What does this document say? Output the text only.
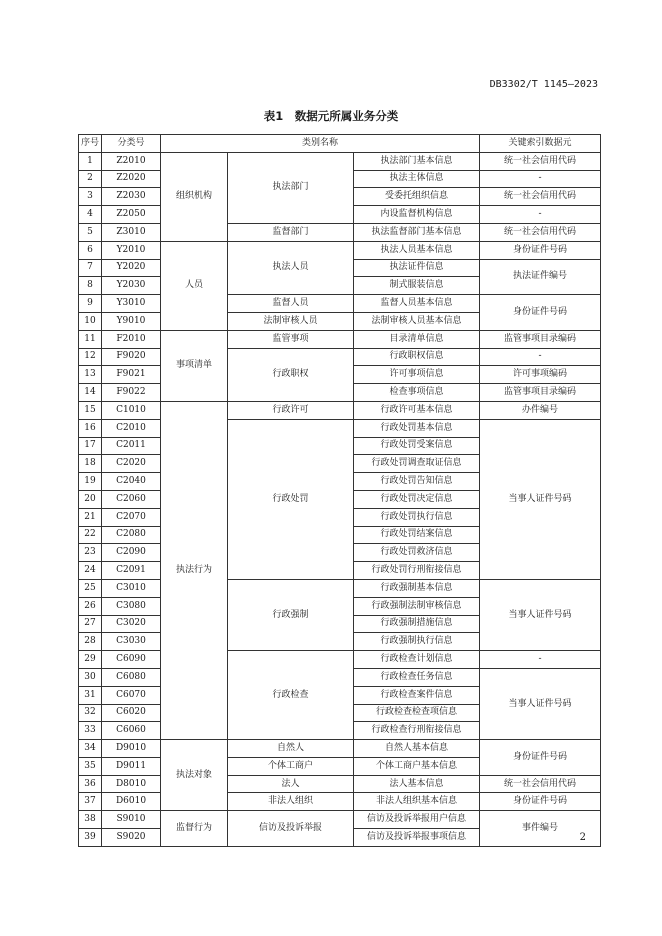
DB3302/T 1145—2023
表1　数据元所属业务分类
序号	分类号	类别名称			关键索引数据元
1	Z2010	组织机构	执法部门	执法部门基本信息	统一社会信用代码
2	Z2020			执法主体信息	-
3	Z2030			受委托组织信息	统一社会信用代码
4	Z2050			内设监督机构信息	-
5	Z3010		监督部门	执法监督部门基本信息	统一社会信用代码
6	Y2010	人员	执法人员	执法人员基本信息	身份证件号码
7	Y2020			执法证件信息	执法证件编号
8	Y2030			制式服装信息	
9	Y3010		监督人员	监督人员基本信息	身份证件号码
10	Y9010		法制审核人员	法制审核人员基本信息	
11	F2010	事项清单	监管事项	目录清单信息	监管事项目录编码
12	F9020		行政职权	行政职权信息	-
13	F9021			许可事项信息	许可事项编码
14	F9022			检查事项信息	监管事项目录编码
15	C1010	执法行为	行政许可	行政许可基本信息	办件编号
16	C2010		行政处罚	行政处罚基本信息	当事人证件号码
17	C2011			行政处罚受案信息	
18	C2020			行政处罚调查取证信息	
19	C2040			行政处罚告知信息	
20	C2060			行政处罚决定信息	
21	C2070			行政处罚执行信息	
22	C2080			行政处罚结案信息	
23	C2090			行政处罚救济信息	
24	C2091			行政处罚行刑衔接信息	
25	C3010		行政强制	行政强制基本信息	当事人证件号码
26	C3080			行政强制法制审核信息	
27	C3020			行政强制措施信息	
28	C3030			行政强制执行信息	
29	C6090		行政检查	行政检查计划信息	-
30	C6080			行政检查任务信息	当事人证件号码
31	C6070			行政检查案件信息	
32	C6020			行政检查检查项信息	
33	C6060			行政检查行刑衔接信息	
34	D9010	执法对象	自然人	自然人基本信息	身份证件号码
35	D9011		个体工商户	个体工商户基本信息	
36	D8010		法人	法人基本信息	统一社会信用代码
37	D6010		非法人组织	非法人组织基本信息	身份证件号码
38	S9010	监督行为	信访及投诉举报	信访及投诉举报用户信息	事件编号
39	S9020			信访及投诉举报事项信息		2
